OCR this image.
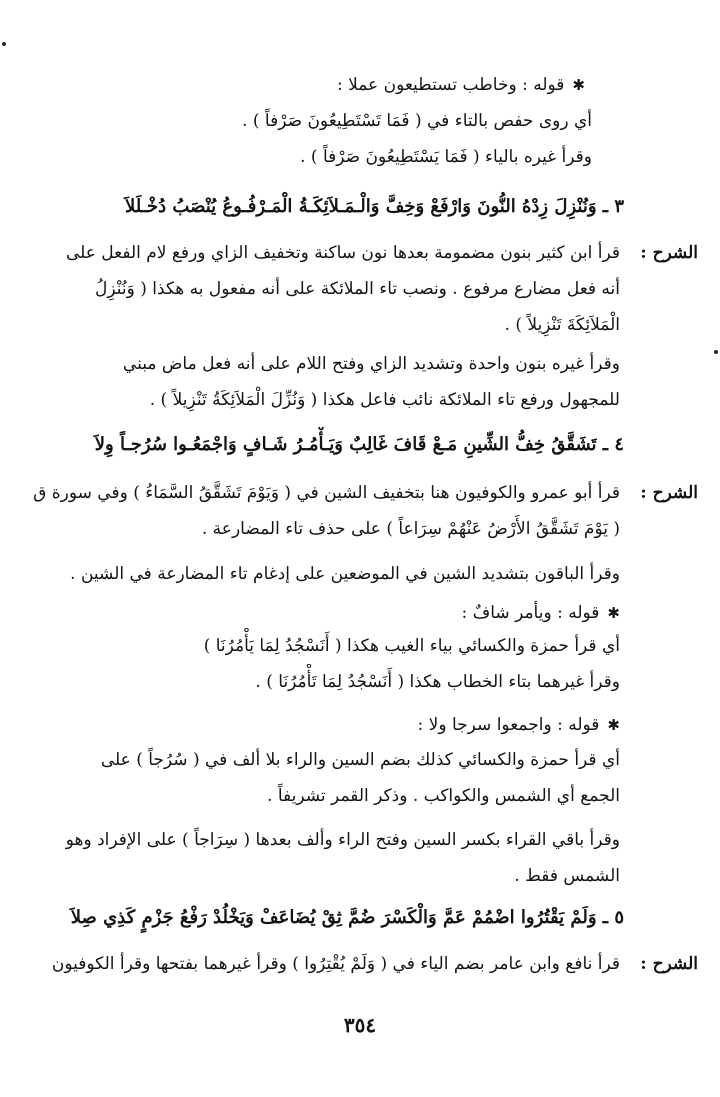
✱قوله : وخاطب تستطيعون عملا :
أي روى حفص بالتاء في ( فَمَا تَسْتَطِيعُونَ صَرْفاً ) .
وقرأ غيره بالياء ( فَمَا يَسْتَطِيعُونَ صَرْفاً ) .
٣ ـ وَنُنْزِلَ زِدْهُ النُّونَ وَارْفَعْ وَخِفَّ وَالْـمَـلاَئِكَـةُ الْمَـرْفُـوعُ يُنْصَبُ دُخْـلَلاَ
الشرح :
قرأ ابن كثير بنون مضمومة بعدها نون ساكنة وتخفيف الزاي ورفع لام الفعل على
أنه فعل مضارع مرفوع . ونصب تاء الملائكة على أنه مفعول به هكذا ( وَنُنْزِلُ
الْمَلاَئِكَةَ تَنْزِيلاً ) .
وقرأ غيره بنون واحدة وتشديد الزاي وفتح اللام على أنه فعل ماض مبني
للمجهول ورفع تاء الملائكة نائب فاعل هكذا ( وَنُزِّلَ الْمَلاَئِكَةُ تَنْزِيلاً ) .
٤ ـ تَشَقَّقُ خِفُّ الشِّينِ مَـعْ قَافَ غَالِبٌ وَيَـأْمُـرُ شَـافٍ وَاجْمَعُـوا سُرُجـاً وِلاَ
الشرح :
قرأ أبو عمرو والكوفيون هنا بتخفيف الشين في ( وَيَوْمَ تَشَقَّقُ السَّمَاءُ ) وفي سورة ق
( يَوْمَ تَشَقَّقُ الأَرْضُ عَنْهُمْ سِرَاعاً ) على حذف تاء المضارعة .
وقرأ الباقون بتشديد الشين في الموضعين على إدغام تاء المضارعة في الشين .
✱قوله : ويأمر شافٌ :
أي قرأ حمزة والكسائي بياء الغيب هكذا ( أَنَسْجُدُ لِمَا يَأْمُرُنَا )
وقرأ غيرهما بتاء الخطاب هكذا ( أَنَسْجُدُ لِمَا تَأْمُرُنَا ) .
✱قوله : واجمعوا سرجا ولا :
أي قرأ حمزة والكسائي كذلك بضم السين والراء بلا ألف في ( سُرُجاً ) على
الجمع أي الشمس والكواكب . وذكر القمر تشريفاً .
وقرأ باقي القراء بكسر السين وفتح الراء وألف بعدها ( سِرَاجاً ) على الإفراد وهو
الشمس فقط .
٥ ـ وَلَمْ يَقْتُرُوا اضْمُمْ عَمَّ وَالْكَسْرَ ضُمَّ ثِقْ يُضَاعَفْ وَيَخْلُدْ رَفْعُ جَزْمٍ كَذِي صِلاَ
الشرح :
قرأ نافع وابن عامر بضم الياء في ( وَلَمْ يُقْتِرُوا ) وقرأ غيرهما بفتحها وقرأ الكوفيون
٣٥٤
